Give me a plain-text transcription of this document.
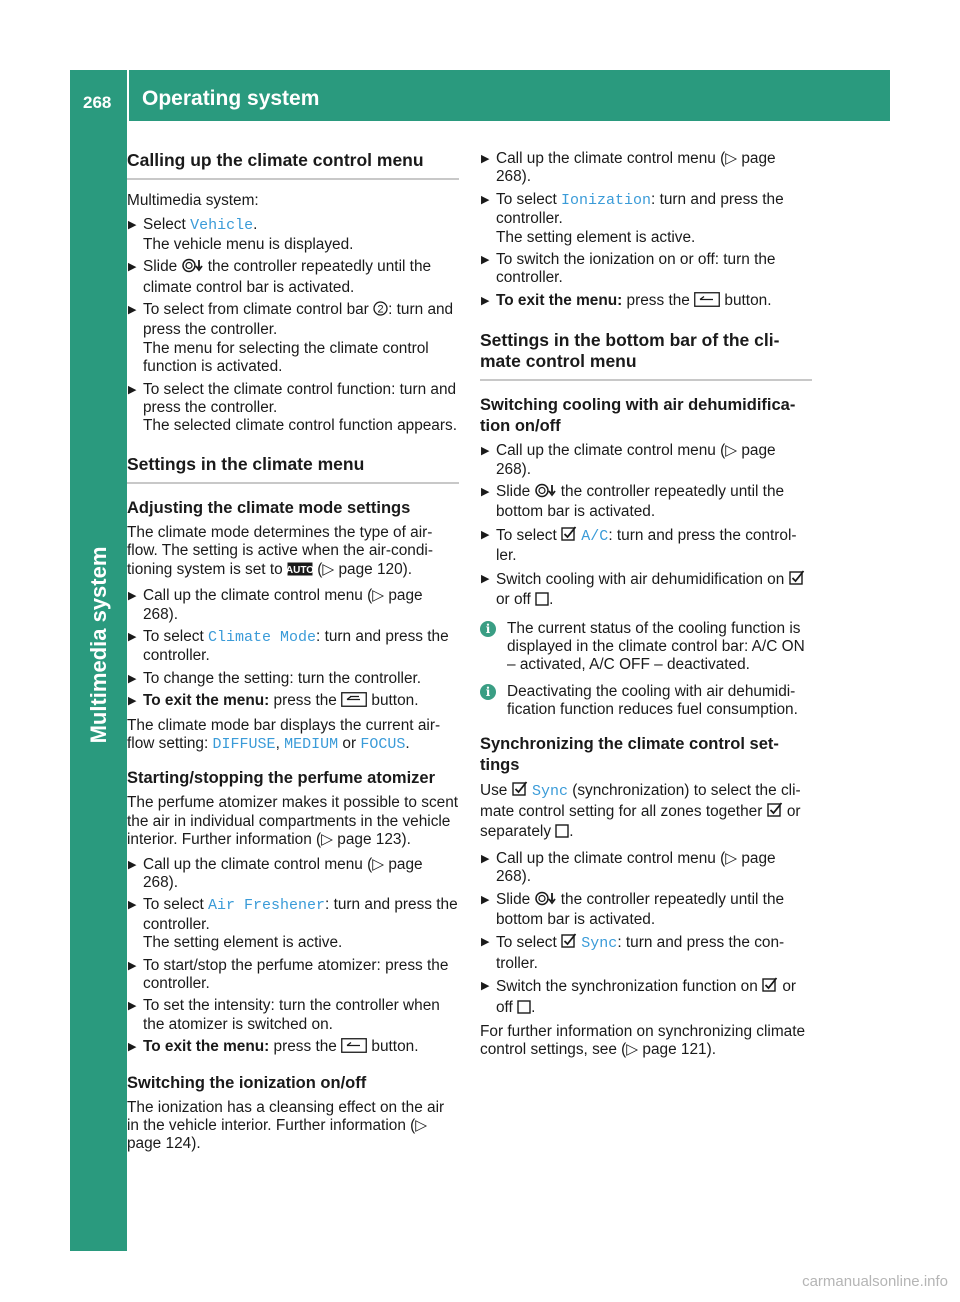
268 Operating system
Multimedia system
Calling up the climate control menu
Multimedia system:
▶ Select Vehicle.
The vehicle menu is displayed.
▶ Slide  the controller repeatedly until the climate control bar is activated.
▶ To select from climate control bar 2 : turn and press the controller.
The menu for selecting the climate control function is activated.
▶ To select the climate control function: turn and press the controller.
The selected climate control function appears.
Settings in the climate menu
Adjusting the climate mode settings
The climate mode determines the type of air-flow. The setting is active when the air-condi-tioning system is set to
AUTO
(▷ page 120).
▶ Call up the climate control menu (▷ page 268).
▶ To select Climate Mode: turn and press the controller.
▶ To change the setting: turn the controller.
▶ To exit the menu: press the  button.
The climate mode bar displays the current air-flow setting: DIFFUSE, MEDIUM or FOCUS.
Starting/stopping the perfume atomizer
The perfume atomizer makes it possible to scent the air in individual compartments in the vehicle interior. Further information (▷ page 123).
▶ Call up the climate control menu (▷ page 268).
▶ To select Air Freshener: turn and press the controller.
The setting element is active.
▶ To start/stop the perfume atomizer: press the controller.
▶ To set the intensity: turn the controller when the atomizer is switched on.
▶ To exit the menu: press the  button.
Switching the ionization on/off
The ionization has a cleansing effect on the air in the vehicle interior. Further information (▷ page 124).
▶ Call up the climate control menu (▷ page 268).
▶ To select Ionization: turn and press the controller.
The setting element is active.
▶ To switch the ionization on or off: turn the controller.
▶ To exit the menu: press the  button.
Settings in the bottom bar of the cli-mate control menu
Switching cooling with air dehumidifica-tion on/off
▶ Call up the climate control menu (▷ page 268).
▶ Slide  the controller repeatedly until the bottom bar is activated.
▶ To select  A/C: turn and press the control-ler.
▶ Switch cooling with air dehumidification on  or off .
i	The current status of the cooling function is displayed in the climate control bar: A/C ON – activated, A/C OFF – deactivated.
i	Deactivating the cooling with air dehumidi-fication function reduces fuel consumption.
Synchronizing the climate control set-tings
Use  Sync (synchronization) to select the cli-mate control setting for all zones together  or separately .
▶ Call up the climate control menu (▷ page 268).
▶ Slide  the controller repeatedly until the bottom bar is activated.
▶ To select  Sync: turn and press the con-troller.
▶ Switch the synchronization function on  or off .
For further information on synchronizing climate control settings, see (▷ page 121).
carmanualsonline.info
